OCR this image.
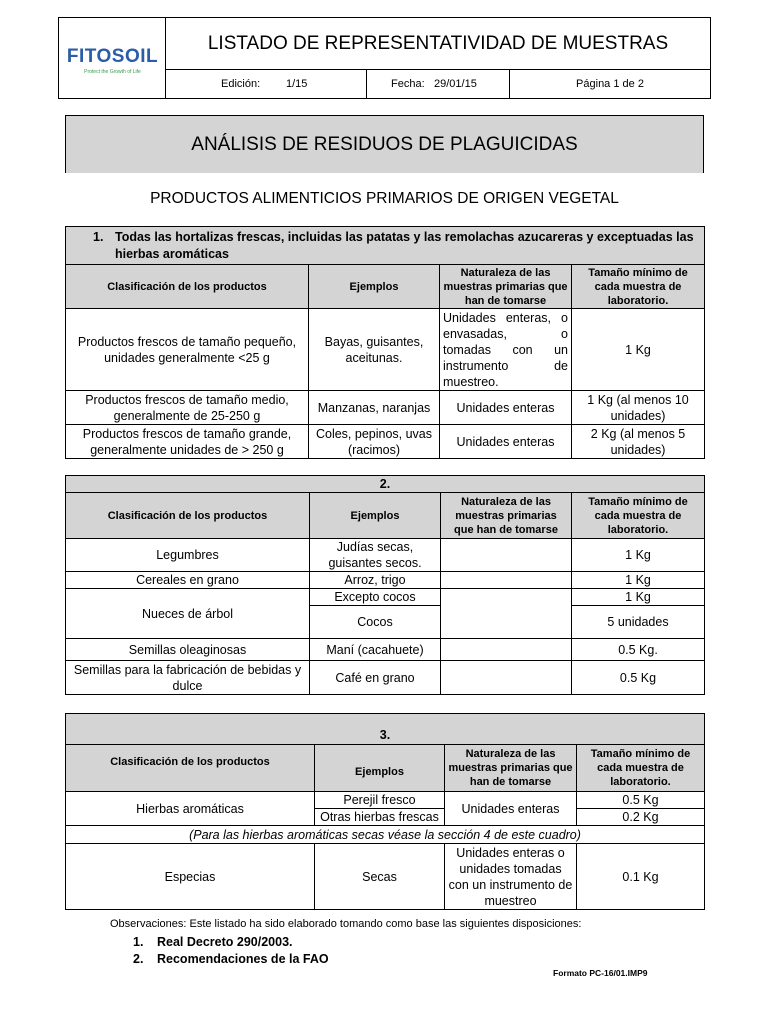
FITOSOIL
Protect the Growth of Life
LISTADO DE REPRESENTATIVIDAD DE MUESTRAS
Edición: 1/15	Fecha: 29/01/15	Página 1 de 2
ANÁLISIS DE RESIDUOS DE PLAGUICIDAS
PRODUCTOS ALIMENTICIOS PRIMARIOS DE ORIGEN VEGETAL
1. Todas las hortalizas frescas, incluidas las patatas y las remolachas azucareras y exceptuadas las hierbas aromáticas			

Clasificación de los productos	Ejemplos	Naturaleza de las muestras primarias que han de tomarse	Tamaño mínimo de cada muestra de laboratorio.
Productos frescos de tamaño pequeño, unidades generalmente <25 g	Bayas, guisantes, aceitunas.	Unidades enteras, o envasadas, o tomadas con un instrumento de muestreo.	1 Kg
Productos frescos de tamaño medio, generalmente de 25-250 g	Manzanas, naranjas	Unidades enteras	1 Kg (al menos 10 unidades)
Productos frescos de tamaño grande, generalmente unidades de > 250 g	Coles, pepinos, uvas (racimos)	Unidades enteras	2 Kg (al menos 5 unidades)
2.			
Clasificación de los productos	Ejemplos	Naturaleza de las muestras primarias que han de tomarse	Tamaño mínimo de cada muestra de laboratorio.
Legumbres	Judías secas, guisantes secos.		1 Kg
Cereales en grano	Arroz, trigo		1 Kg
Nueces de árbol	Excepto cocos		1 Kg
	Cocos		5 unidades
Semillas oleaginosas	Maní (cacahuete)		0.5 Kg.
Semillas para la fabricación de bebidas y dulce	Café en grano		0.5 Kg
3.			
Clasificación de los productos	Ejemplos	Naturaleza de las muestras primarias que han de tomarse	Tamaño mínimo de cada muestra de laboratorio.
Hierbas aromáticas	Perejil fresco	Unidades enteras	0.5 Kg
	Otras hierbas frescas		0.2 Kg
(Para las hierbas aromáticas secas véase la sección 4 de este cuadro)			
Especias	Secas	Unidades enteras o unidades tomadas con un instrumento de muestreo	0.1 Kg
Observaciones: Este listado ha sido elaborado tomando como base las siguientes disposiciones:
1. Real Decreto 290/2003.
2. Recomendaciones de la FAO
Formato PC-16/01.IMP9
